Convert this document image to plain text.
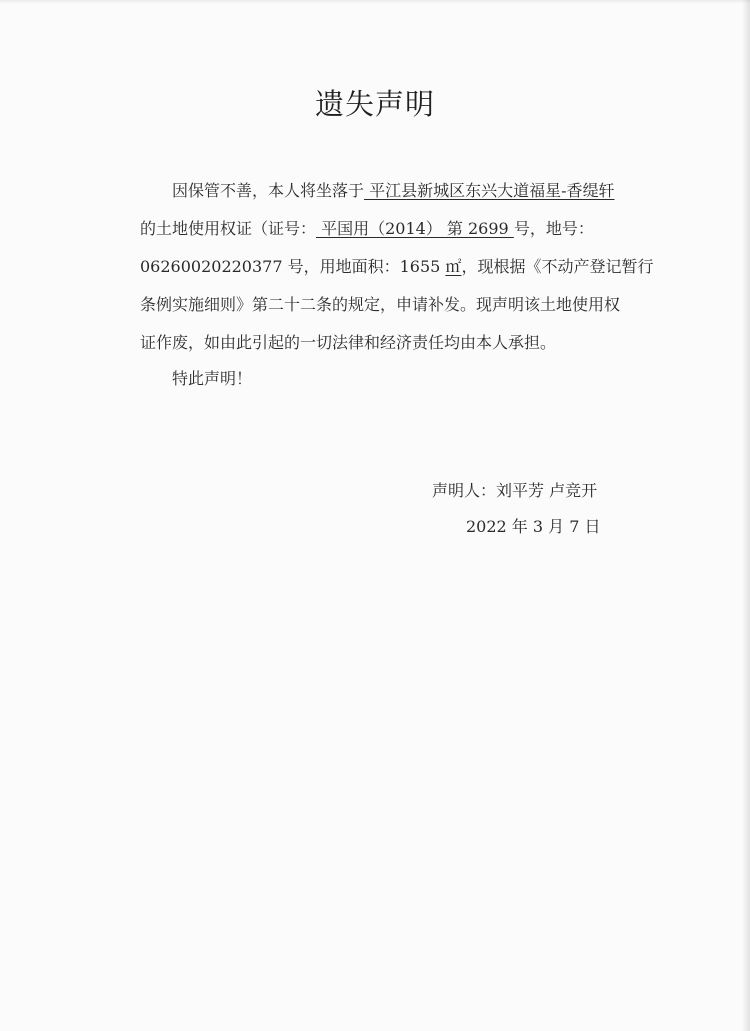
遗失声明
因保管不善，本人将坐落于 平江县新城区东兴大道福星-香缇轩
的土地使用权证（证号： 平国用（2014） 第 2699 号，地号：
06260020220377 号，用地面积：1655 ㎡，现根据《不动产登记暂行
条例实施细则》第二十二条的规定，申请补发。现声明该土地使用权
证作废，如由此引起的一切法律和经济责任均由本人承担。
特此声明！
声明人：刘平芳 卢竞开
2022 年 3 月 7 日
